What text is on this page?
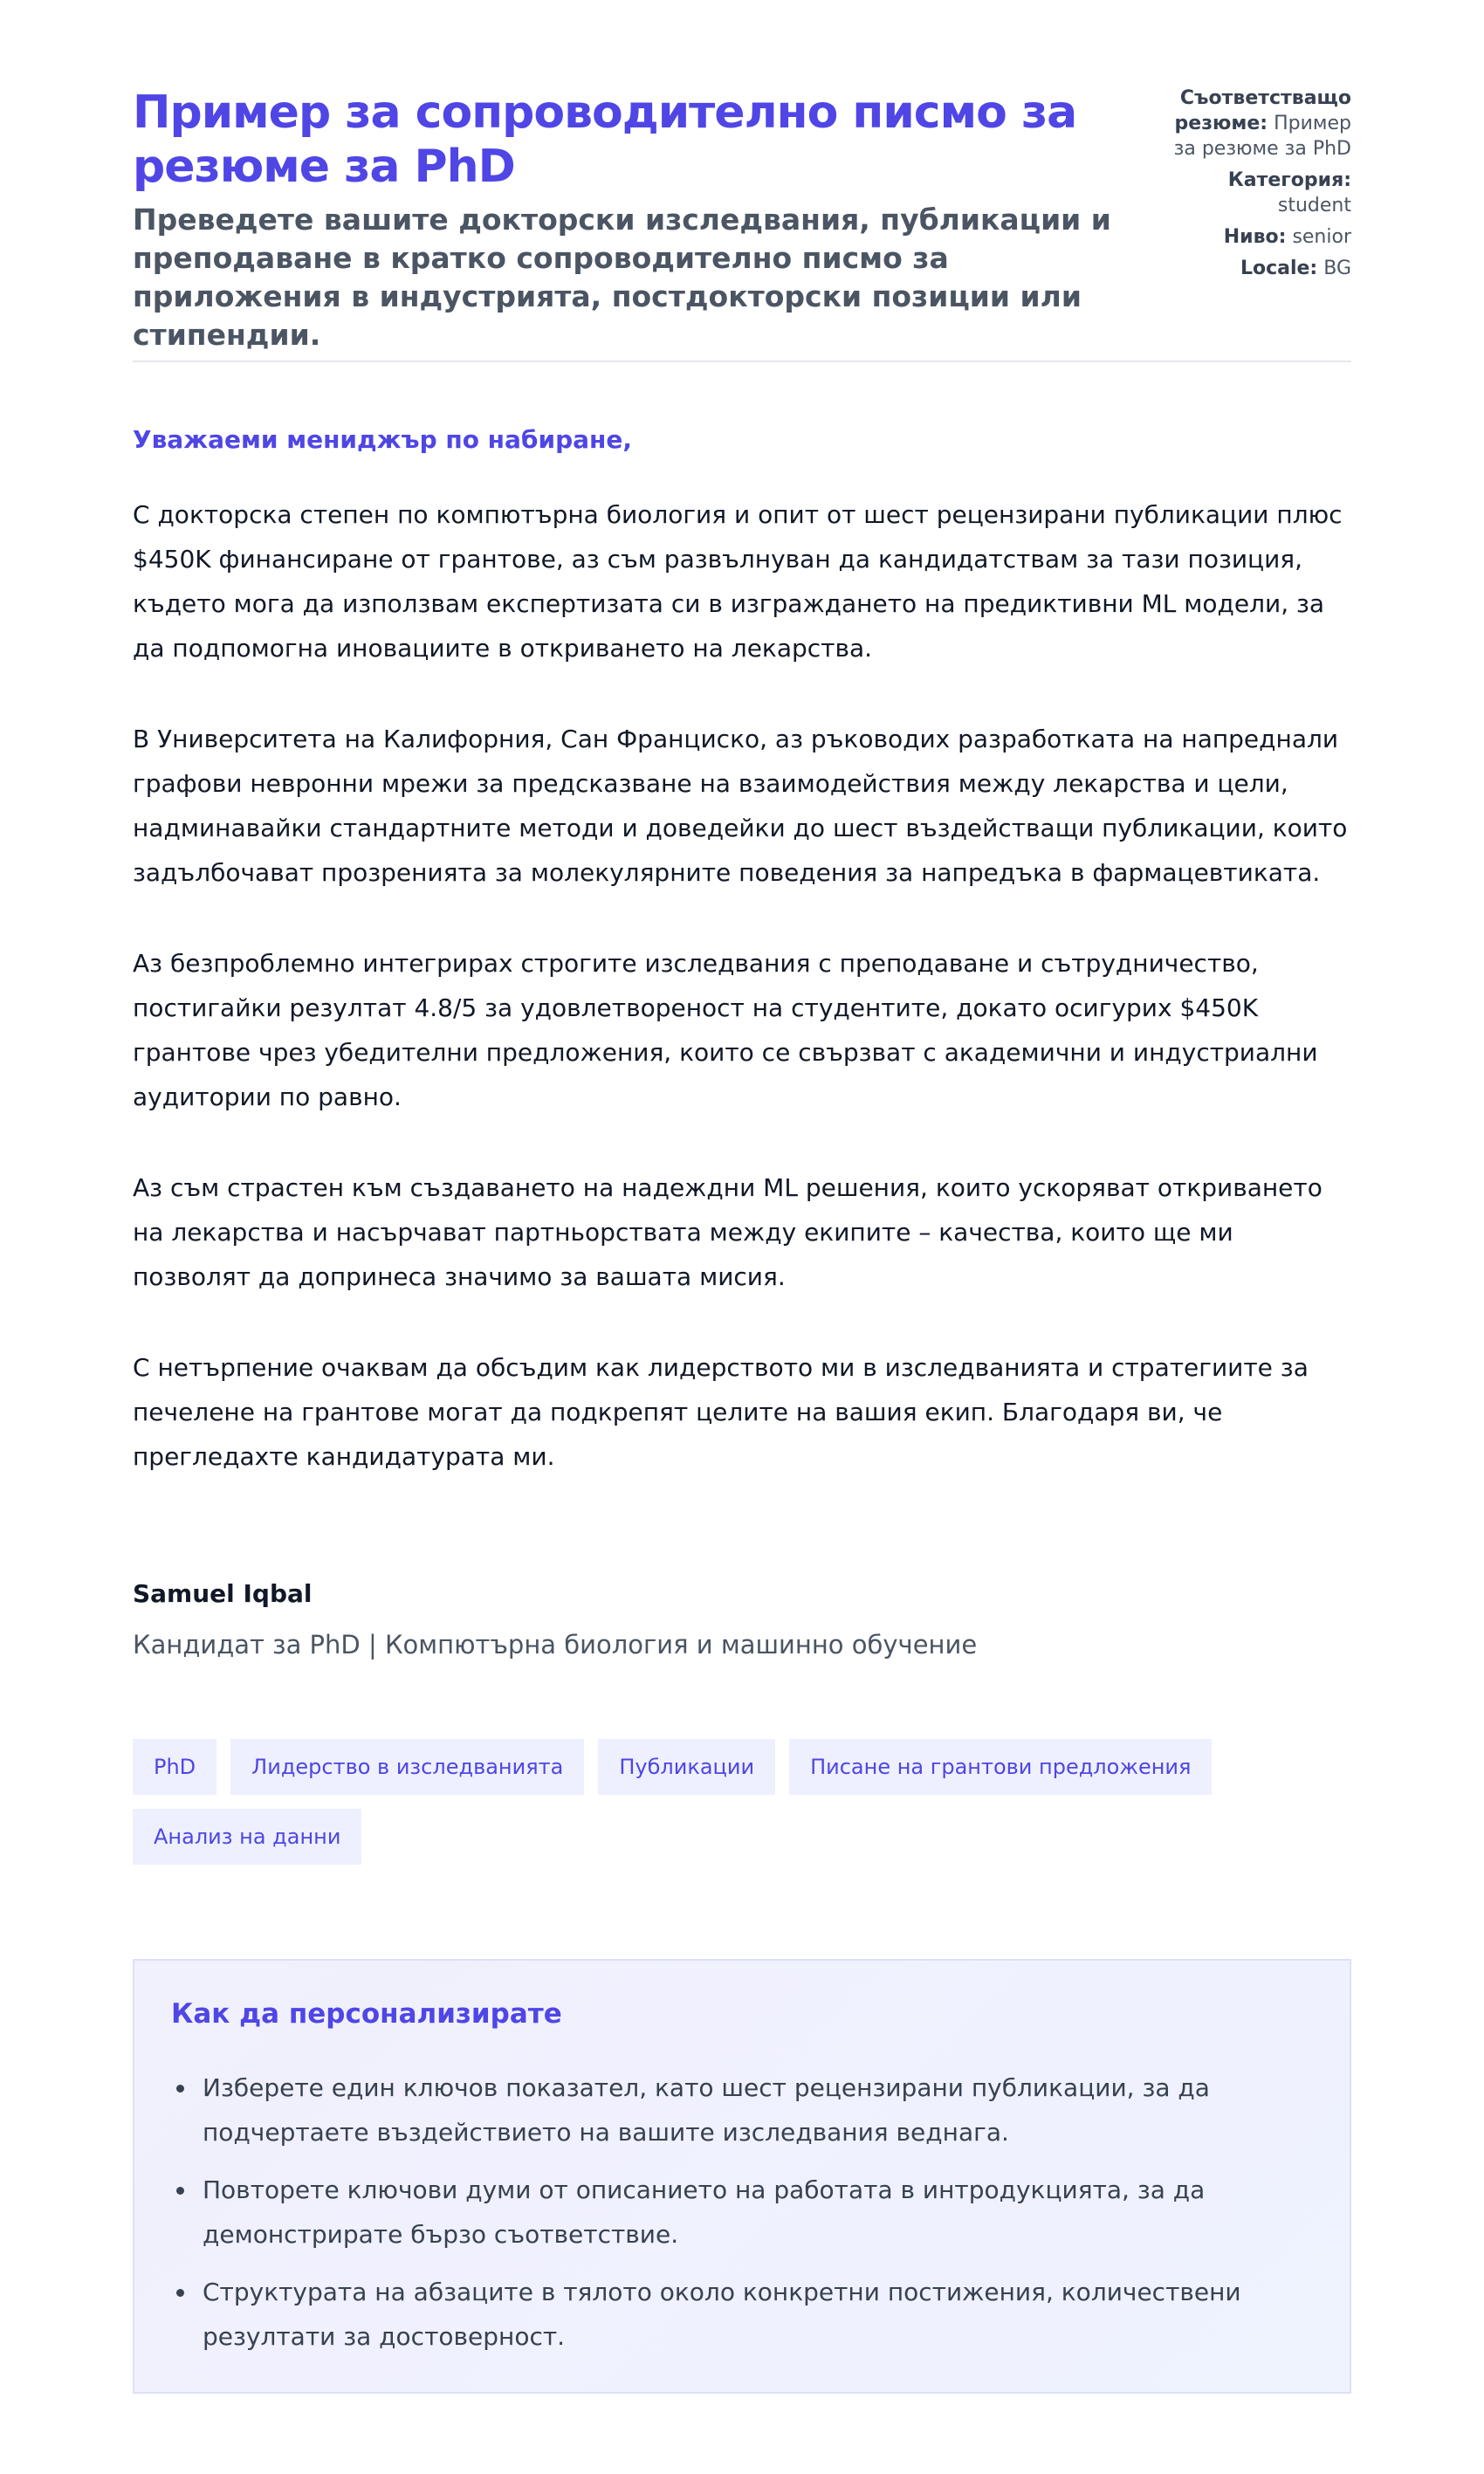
Пример за сопроводително писмо за резюме за PhD

Преведете вашите докторски изследвания, публикации и преподаване в кратко сопроводително писмо за приложения в индустрията, постдокторски позиции или стипендии.

Съответстващо резюме: Пример за резюме за PhD
Категория: student
Ниво: senior
Locale: BG

Уважаеми мениджър по набиране,

С докторска степен по компютърна биология и опит от шест рецензирани публикации плюс $450K финансиране от грантове, аз съм развълнуван да кандидатствам за тази позиция, където мога да използвам експертизата си в изграждането на предиктивни ML модели, за да подпомогна иновациите в откриването на лекарства.

В Университета на Калифорния, Сан Франциско, аз ръководих разработката на напреднали графови невронни мрежи за предсказване на взаимодействия между лекарства и цели, надминавайки стандартните методи и доведейки до шест въздействащи публикации, които задълбочават прозренията за молекулярните поведения за напредъка в фармацевтиката.

Аз безпроблемно интегрирах строгите изследвания с преподаване и сътрудничество, постигайки резултат 4.8/5 за удовлетвореност на студентите, докато осигурих $450K грантове чрез убедителни предложения, които се свързват с академични и индустриални аудитории по равно.

Аз съм страстен към създаването на надеждни ML решения, които ускоряват откриването на лекарства и насърчават партньорствата между екипите – качества, които ще ми позволят да допринеса значимо за вашата мисия.

С нетърпение очаквам да обсъдим как лидерството ми в изследванията и стратегиите за печелене на грантове могат да подкрепят целите на вашия екип. Благодаря ви, че прегледахте кандидатурата ми.

Samuel Iqbal

Кандидат за PhD | Компютърна биология и машинно обучение

PhD	Лидерство в изследванията	Публикации	Писане на грантови предложения
Анализ на данни
Как да персонализирате
Изберете един ключов показател, като шест рецензирани публикации, за да подчертаете въздействието на вашите изследвания веднага.
Повторете ключови думи от описанието на работата в интродукцията, за да демонстрирате бързо съответствие.
Структурата на абзаците в тялото около конкретни постижения, количествени резултати за достоверност.
